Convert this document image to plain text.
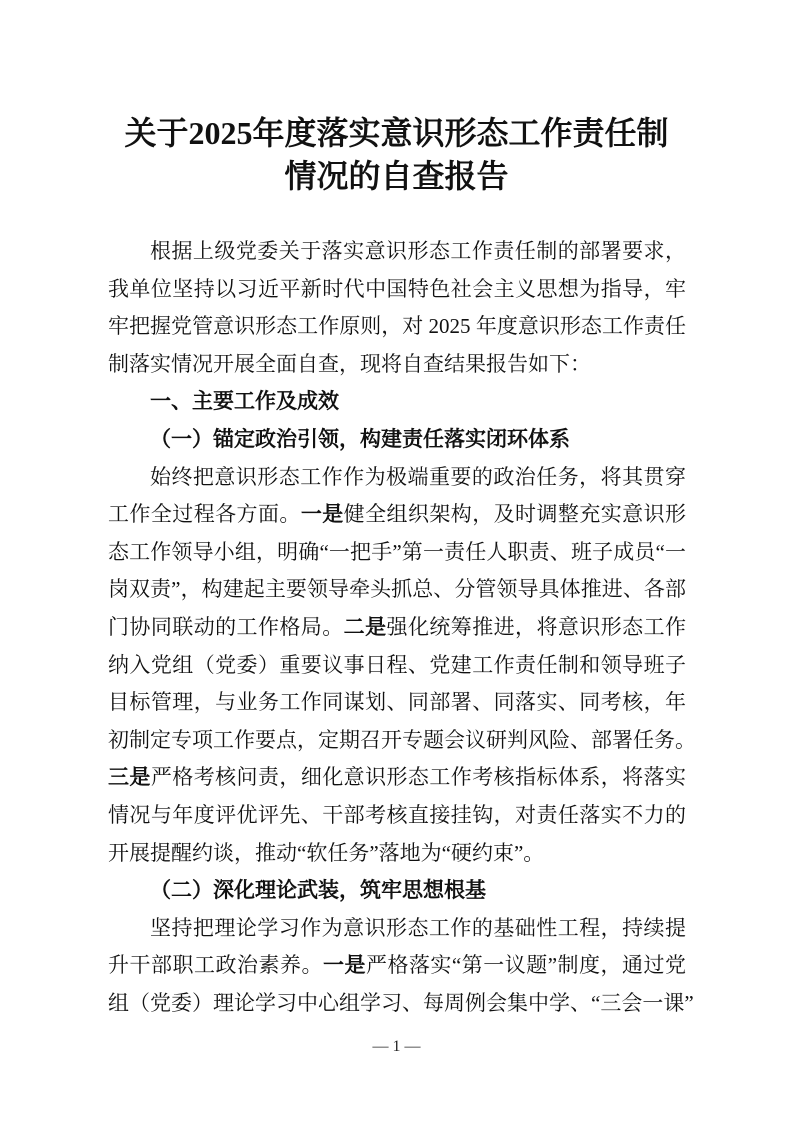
关于2025年度落实意识形态工作责任制
情况的自查报告
根据上级党委关于落实意识形态工作责任制的部署要求，
我单位坚持以习近平新时代中国特色社会主义思想为指导，牢
牢把握党管意识形态工作原则，对 2025 年度意识形态工作责任
制落实情况开展全面自查，现将自查结果报告如下：
一、主要工作及成效
（一）锚定政治引领，构建责任落实闭环体系
始终把意识形态工作作为极端重要的政治任务，将其贯穿
工作全过程各方面。一是健全组织架构，及时调整充实意识形
态工作领导小组，明确“一把手”第一责任人职责、班子成员“一
岗双责”，构建起主要领导牵头抓总、分管领导具体推进、各部
门协同联动的工作格局。二是强化统筹推进，将意识形态工作
纳入党组（党委）重要议事日程、党建工作责任制和领导班子
目标管理，与业务工作同谋划、同部署、同落实、同考核，年
初制定专项工作要点，定期召开专题会议研判风险、部署任务。
三是严格考核问责，细化意识形态工作考核指标体系，将落实
情况与年度评优评先、干部考核直接挂钩，对责任落实不力的
开展提醒约谈，推动“软任务”落地为“硬约束”。
（二）深化理论武装，筑牢思想根基
坚持把理论学习作为意识形态工作的基础性工程，持续提
升干部职工政治素养。一是严格落实“第一议题”制度，通过党
组（党委）理论学习中心组学习、每周例会集中学、“三会一课”
— 1 —
